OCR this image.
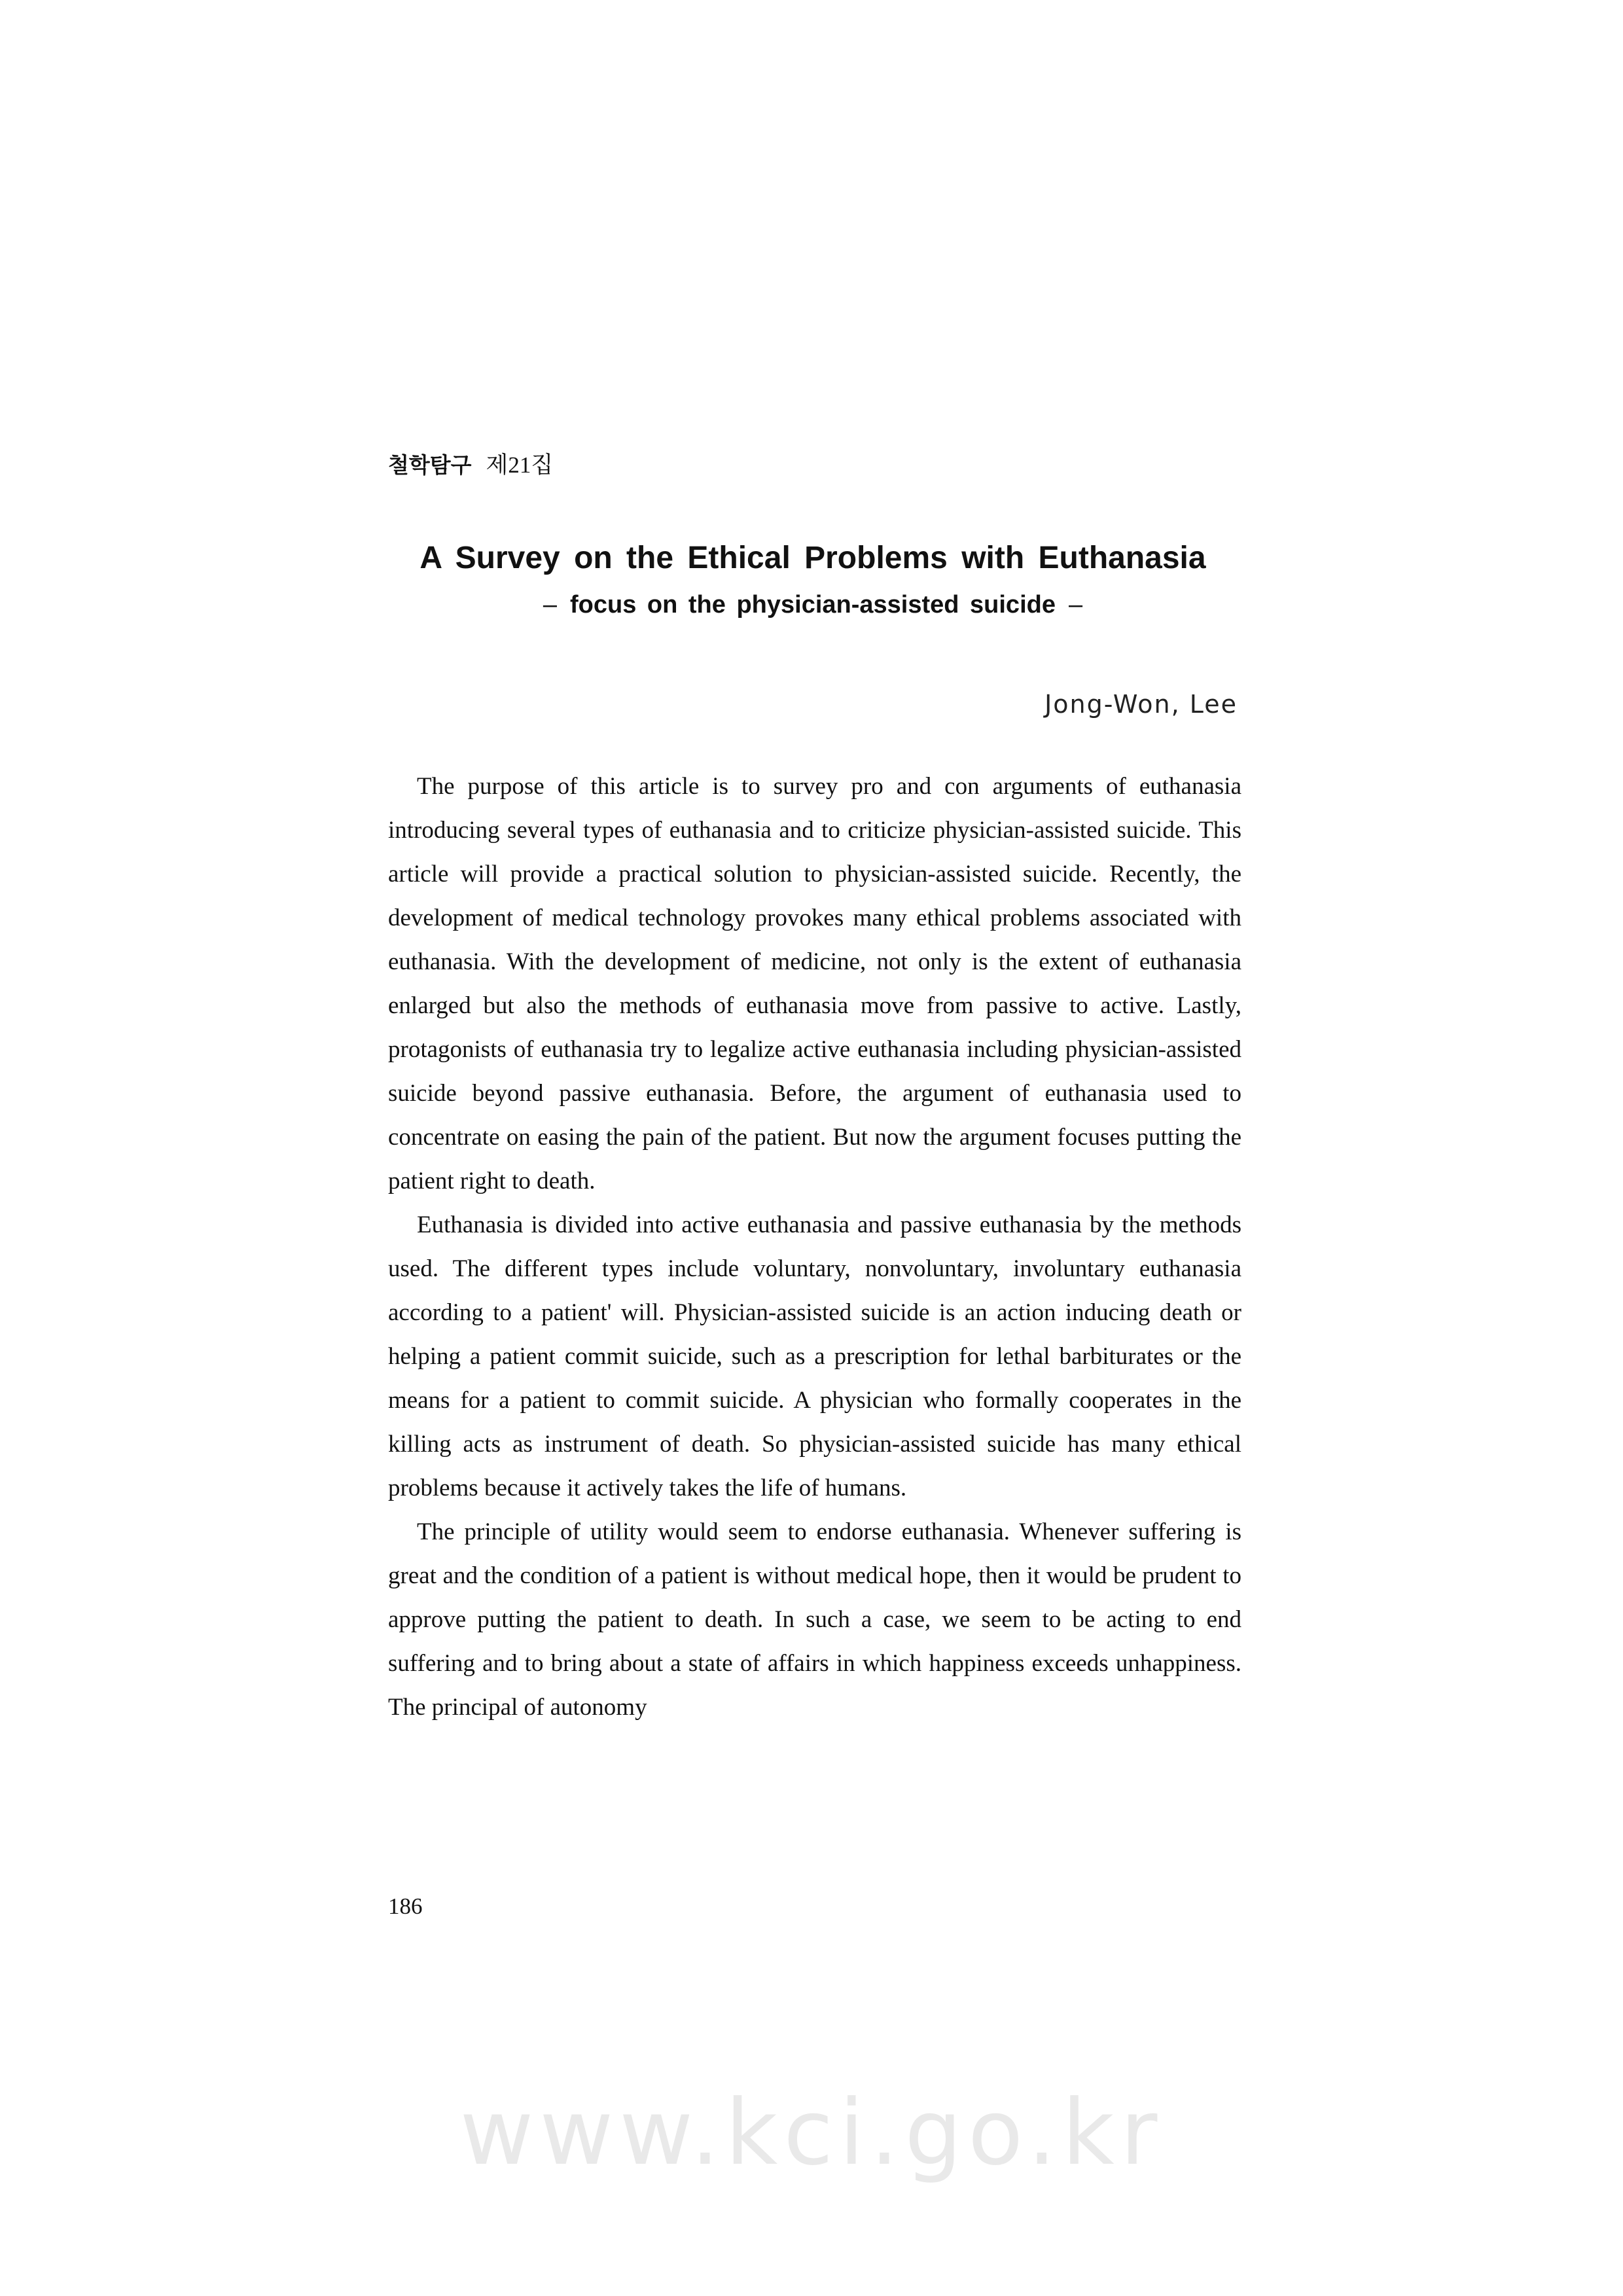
철학탐구 제21집
A Survey on the Ethical Problems with Euthanasia
– focus on the physician-assisted suicide –
Jong-Won, Lee

The purpose of this article is to survey pro and con arguments of euthanasia introducing several types of euthanasia and to criticize physician-assisted suicide. This article will provide a practical solution to physician-assisted suicide. Recently, the development of medical technology provokes many ethical problems associated with euthanasia. With the development of medicine, not only is the extent of euthanasia enlarged but also the methods of euthanasia move from passive to active. Lastly, protagonists of euthanasia try to legalize active euthanasia including physician-assisted suicide beyond passive euthanasia. Before, the argument of euthanasia used to concentrate on easing the pain of the patient. But now the argument focuses putting the patient right to death.

Euthanasia is divided into active euthanasia and passive euthanasia by the methods used. The different types include voluntary, nonvoluntary, involuntary euthanasia according to a patient' will. Physician-assisted suicide is an action inducing death or helping a patient commit suicide, such as a prescription for lethal barbiturates or the means for a patient to commit suicide. A physician who formally cooperates in the killing acts as instrument of death. So physician-assisted suicide has many ethical problems because it actively takes the life of humans.

The principle of utility would seem to endorse euthanasia. Whenever suffering is great and the condition of a patient is without medical hope, then it would be prudent to approve putting the patient to death. In such a case, we seem to be acting to end suffering and to bring about a state of affairs in which happiness exceeds unhappiness. The principal of autonomy

186
www.kci.go.kr
